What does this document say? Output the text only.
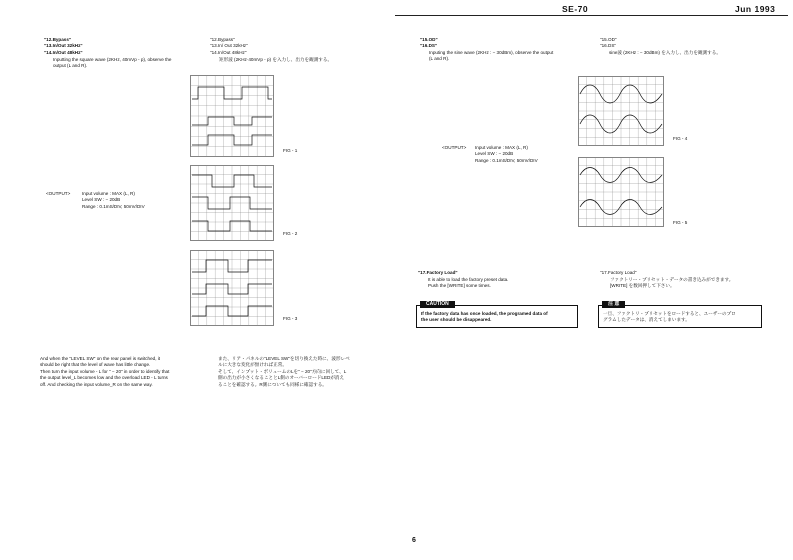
SE-70	Jun 1993
"12.Bypass"
"13.In/Out 32kHz"
"14.In/Out 48kHz"
Inputting the square wave (2KHz, 40mVp - p), observe the
output (L and R).
"12.Bypass"
"13.In/ Out 32kHz"
"14.In/Out 48kHz"
矩形波 (2KHz·40mVp - p) を入力し、出力を観測する。
FIG - 1
<OUTPUT>	Input volume : MAX (L, R)
Level SW : − 20dB
Range : 0.1mS/DIV, 50mV/DIV
FIG - 2
FIG - 3
And when the "LEVEL SW" on the rear panel is switched, it
should be right that the level of wave has little change.
Then turn the input volume - L for " − 20" in order to identify that
the output level_L becomes low and the overload LED - L turns
off. And checking the input volume_R on the same way.
また、リア・パネルの"LEVEL SW"を切り換えた時に、波形レベ
ルに大きな変化が無ければ正常。
そして、インプット・ボリュームのLを" − 20"方向に回して、L
側の出力が小さくなることとL側のオーバーロードLEDが消え
ることを確認する。R側についても同様に確認する。
"15.OD"
"16.DS"
Inputing the sine wave (2KHz : − 30dBm), observe the output
(L and R).
"15.OD"
"16.DS"
sine波 (2KHz : − 30dBm) を入力し、出力を観測する。
FIG - 4
<OUTPUT> Input volume : MAX (L, R)
Level SW : − 20dB
Range : 0.1mS/DIV, 50mV/DIV
FIG - 5
"17.Factory Load"
It is able to load the factory preset data.
Push the [WRITE] some times.
"17.Factory Load"
ファクトリー・プリセット・データの書き込みができます。
[WRITE] を数回押して下さい。
CAUTION
If the factory data has once loaded, the programed data of
the user should be disappeared.
注 意
一旦、ファクトリ・プリセットをロードすると、ユーザーのプロ
グラムしたデータは、消えてしまいます。
6
